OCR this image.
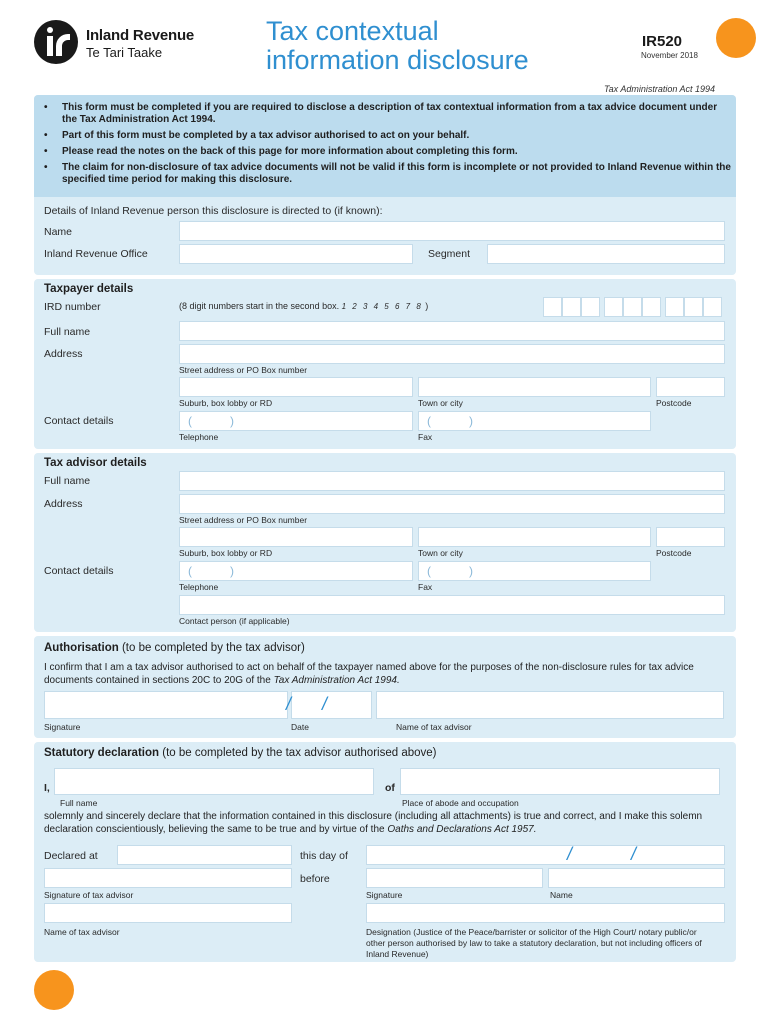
Inland Revenue
Te Tari Taake
Tax contextual
information disclosure
IR520
November 2018
Tax Administration Act 1994
• This form must be completed if you are required to disclose a description of tax contextual information from a tax advice document under the Tax Administration Act 1994.
• Part of this form must be completed by a tax advisor authorised to act on your behalf.
• Please read the notes on the back of this page for more information about completing this form.
• The claim for non-disclosure of tax advice documents will not be valid if this form is incomplete or not provided to Inland Revenue within the specified time period for making this disclosure.
Details of Inland Revenue person this disclosure is directed to (if known):
Name
Inland Revenue Office	Segment
Taxpayer details
IRD number	(8 digit numbers start in the second box. 1 2 3 4 5 6 7 8 )
Full name
Address
Street address or PO Box number
Suburb, box lobby or RD	Town or city	Postcode
Contact details	(	)	(	)
Telephone	Fax
Tax advisor details
Full name
Address
Street address or PO Box number
Suburb, box lobby or RD	Town or city	Postcode
Contact details	(	)	(	)
Telephone	Fax
Contact person (if applicable)
Authorisation (to be completed by the tax advisor)
I confirm that I am a tax advisor authorised to act on behalf of the taxpayer named above for the purposes of the non-disclosure rules for tax advice documents contained in sections 20C to 20G of the Tax Administration Act 1994.
/ /
Signature	Date	Name of tax advisor
Statutory declaration (to be completed by the tax advisor authorised above)
I,	of
Full name	Place of abode and occupation
solemnly and sincerely declare that the information contained in this disclosure (including all attachments) is true and correct, and I make this solemn declaration conscientiously, believing the same to be true and by virtue of the Oaths and Declarations Act 1957.
Declared at	this day of	/	/
before
Signature of tax advisor	Signature	Name
Name of tax advisor	Designation (Justice of the Peace/barrister or solicitor of the High Court/ notary public/or other person authorised by law to take a statutory declaration, but not including officers of Inland Revenue)
